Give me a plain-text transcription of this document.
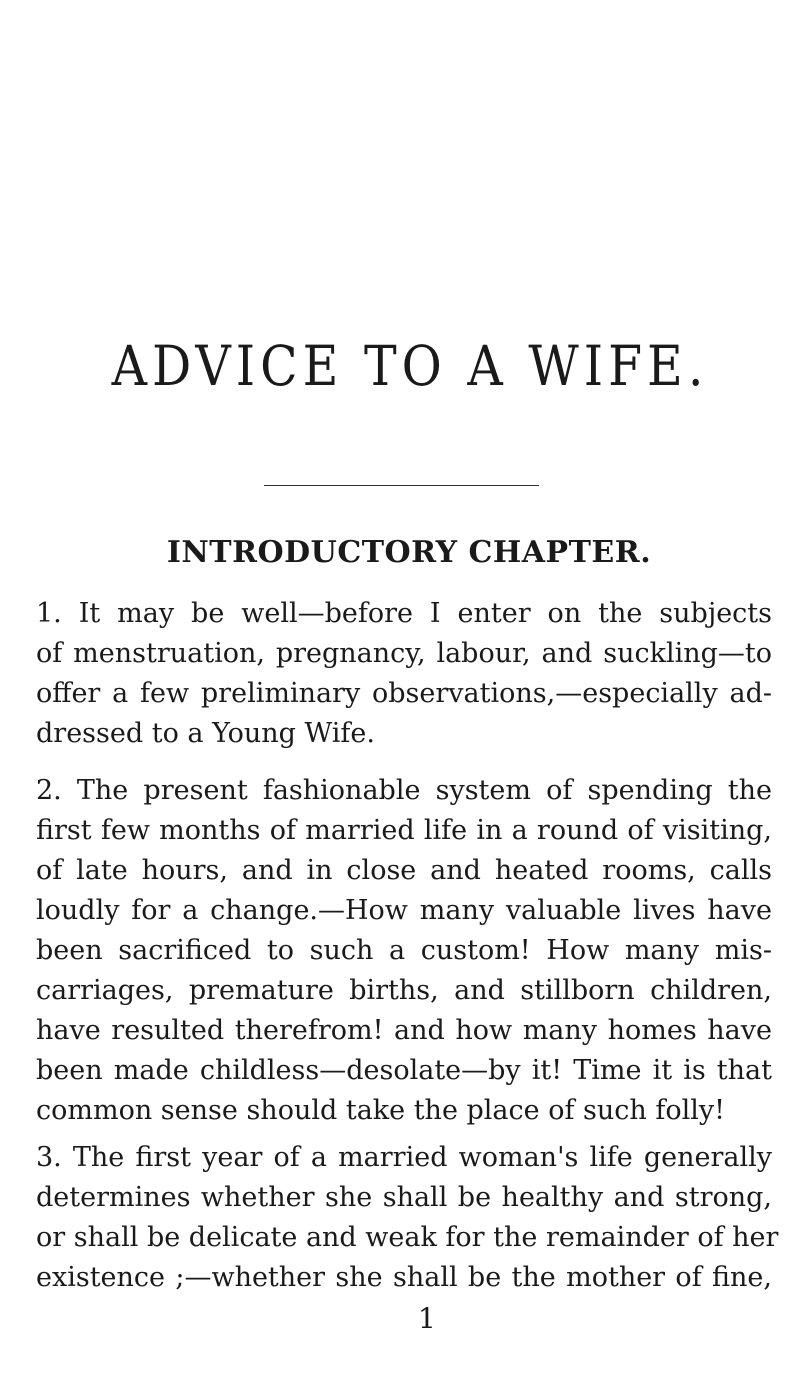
ADVICE TO A WIFE.
INTRODUCTORY CHAPTER.
1. It may be well—before I enter on the subjects
of menstruation, pregnancy, labour, and suckling—to
offer a few preliminary observations,—especially ad-
dressed to a Young Wife.
2. The present fashionable system of spending the
first few months of married life in a round of visiting,
of late hours, and in close and heated rooms, calls
loudly for a change.—How many valuable lives have
been sacrificed to such a custom! How many mis-
carriages, premature births, and stillborn children,
have resulted therefrom! and how many homes have
been made childless—desolate—by it! Time it is that
common sense should take the place of such folly!
3. The first year of a married woman's life generally
determines whether she shall be healthy and strong,
or shall be delicate and weak for the remainder of her
existence ;—whether she shall be the mother of fine,
1
